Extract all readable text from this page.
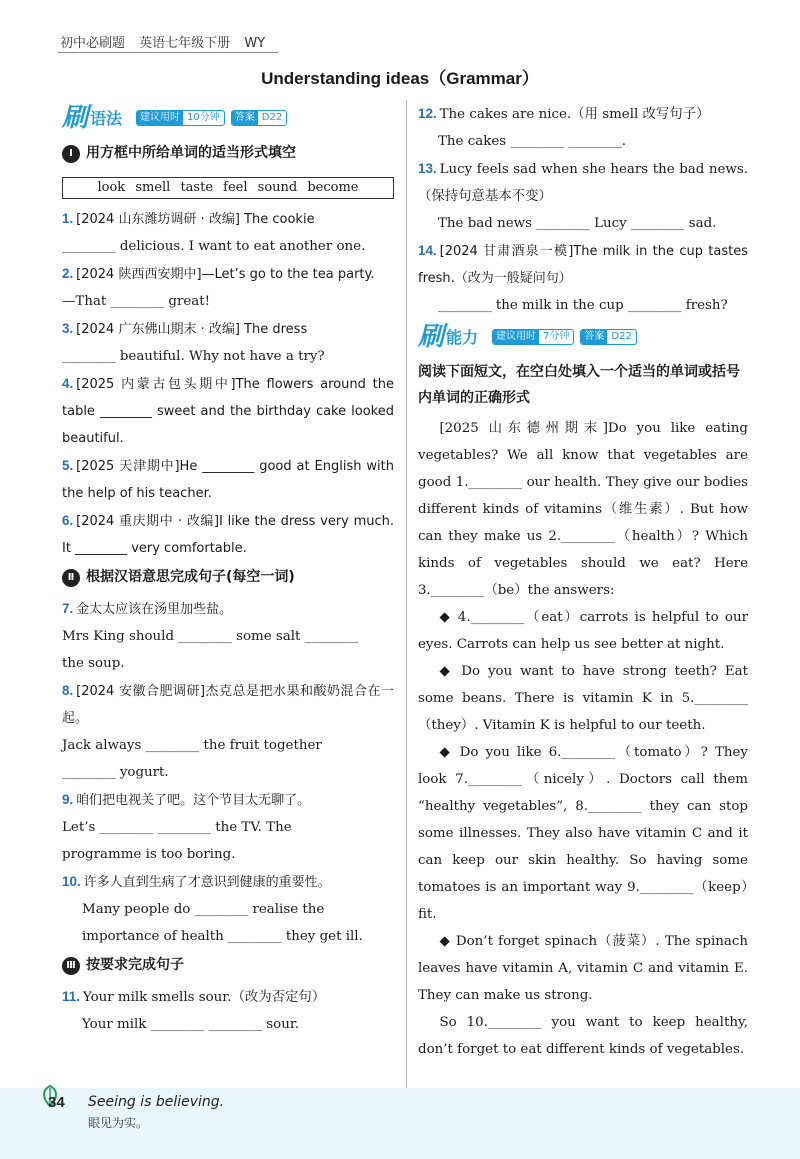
初中必刷题 英语七年级下册 WY
Understanding ideas（Grammar）
刷 语法	建议用时 10分钟	答案 D22
Ⅰ 用方框中所给单词的适当形式填空
look smell taste feel sound become
1. [2024 山东潍坊调研 · 改编] The cookie
________ delicious. I want to eat another one.
2. [2024 陕西西安期中]—Let’s go to the tea party.
—That ________ great!
3. [2024 广东佛山期末 · 改编] The dress
________ beautiful. Why not have a try?
4. [2025 内蒙古包头期中]The flowers around the table ________ sweet and the birthday cake looked beautiful.
5. [2025 天津期中]He ________ good at English with the help of his teacher.
6. [2024 重庆期中 · 改编]I like the dress very much. It ________ very comfortable.
Ⅱ 根据汉语意思完成句子(每空一词)
7. 金太太应该在汤里加些盐。
Mrs King should ________ some salt ________
the soup.
8. [2024 安徽合肥调研]杰克总是把水果和酸奶混合在一起。
Jack always ________ the fruit together
________ yogurt.
9. 咱们把电视关了吧。这个节目太无聊了。
Let’s ________ ________ the TV. The
programme is too boring.
10. 许多人直到生病了才意识到健康的重要性。
Many people do ________ realise the
importance of health ________ they get ill.
Ⅲ 按要求完成句子
11. Your milk smells sour.（改为否定句）
Your milk ________ ________ sour.
12. The cakes are nice.（用 smell 改写句子）
The cakes ________ ________.
13. Lucy feels sad when she hears the bad news.（保持句意基本不变）
The bad news ________ Lucy ________ sad.
14. [2024 甘肃酒泉一模]The milk in the cup tastes fresh.（改为一般疑问句）
________ the milk in the cup ________ fresh?
刷 能力	建议用时 7分钟	答案 D22
阅读下面短文，在空白处填入一个适当的单词或括号内单词的正确形式
[2025 山东德州期末]Do you like eating vegetables? We all know that vegetables are good 1.________ our health. They give our bodies different kinds of vitamins（维生素）. But how can they make us 2.________（health）? Which kinds of vegetables should we eat? Here 3.________（be）the answers:
◆ 4.________（eat）carrots is helpful to our eyes. Carrots can help us see better at night.
◆ Do you want to have strong teeth? Eat some beans. There is vitamin K in 5.________（they）. Vitamin K is helpful to our teeth.
◆ Do you like 6.________（tomato）? They look 7.________（nicely）. Doctors call them “healthy vegetables”, 8.________ they can stop some illnesses. They also have vitamin C and it can keep our skin healthy. So having some tomatoes is an important way 9.________（keep）fit.
◆ Don’t forget spinach（菠菜）. The spinach leaves have vitamin A, vitamin C and vitamin E. They can make us strong.
So 10.________ you want to keep healthy, don’t forget to eat different kinds of vegetables.
34 Seeing is believing.
眼见为实。
